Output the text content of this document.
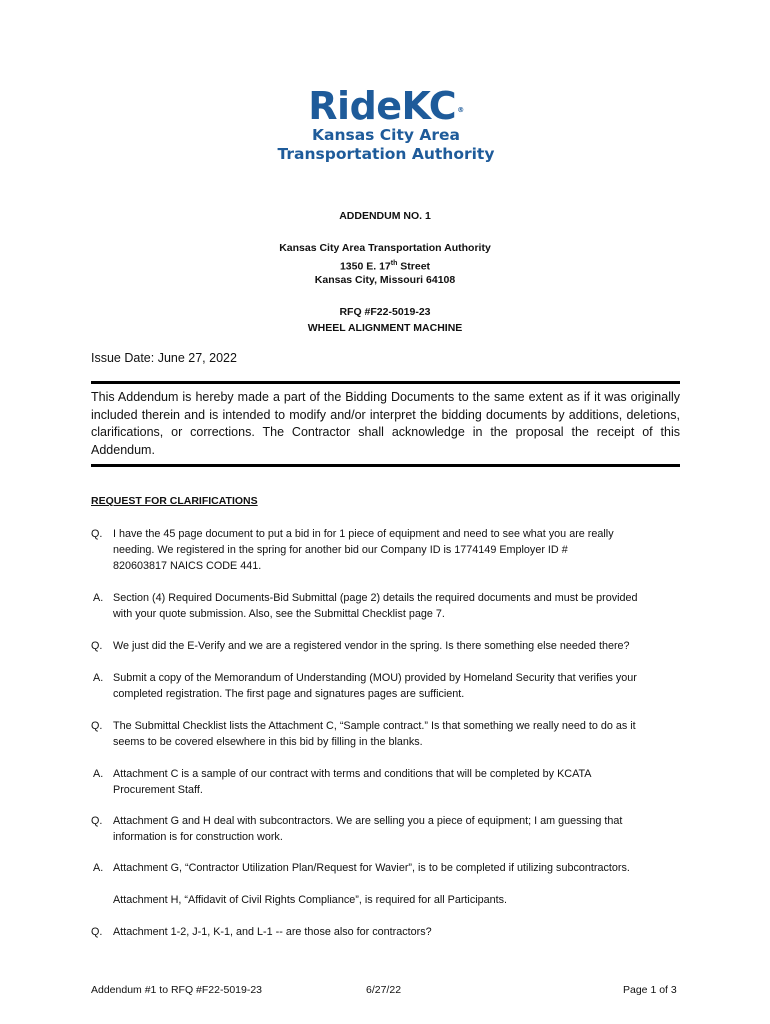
RideKC®
Kansas City Area
Transportation Authority
ADDENDUM NO. 1
Kansas City Area Transportation Authority
1350 E. 17th Street
Kansas City, Missouri 64108
RFQ #F22-5019-23
WHEEL ALIGNMENT MACHINE
Issue Date: June 27, 2022
This Addendum is hereby made a part of the Bidding Documents to the same extent as if it was originally included therein and is intended to modify and/or interpret the bidding documents by additions, deletions, clarifications, or corrections. The Contractor shall acknowledge in the proposal the receipt of this Addendum.
REQUEST FOR CLARIFICATIONS
Q. I have the 45 page document to put a bid in for 1 piece of equipment and need to see what you are really
needing. We registered in the spring for another bid our Company ID is 1774149 Employer ID #
820603817 NAICS CODE 441.
A. Section (4) Required Documents-Bid Submittal (page 2) details the required documents and must be provided
with your quote submission. Also, see the Submittal Checklist page 7.
Q. We just did the E-Verify and we are a registered vendor in the spring. Is there something else needed there?
A. Submit a copy of the Memorandum of Understanding (MOU) provided by Homeland Security that verifies your
completed registration. The first page and signatures pages are sufficient.
Q. The Submittal Checklist lists the Attachment C, “Sample contract.” Is that something we really need to do as it
seems to be covered elsewhere in this bid by filling in the blanks.
A. Attachment C is a sample of our contract with terms and conditions that will be completed by KCATA
Procurement Staff.
Q. Attachment G and H deal with subcontractors. We are selling you a piece of equipment; I am guessing that
information is for construction work.
A. Attachment G, “Contractor Utilization Plan/Request for Wavier”, is to be completed if utilizing subcontractors.
Attachment H, “Affidavit of Civil Rights Compliance”, is required for all Participants.
Q. Attachment 1-2, J-1, K-1, and L-1 -- are those also for contractors?
Addendum #1 to RFQ #F22-5019-23	6/27/22	Page 1 of 3
